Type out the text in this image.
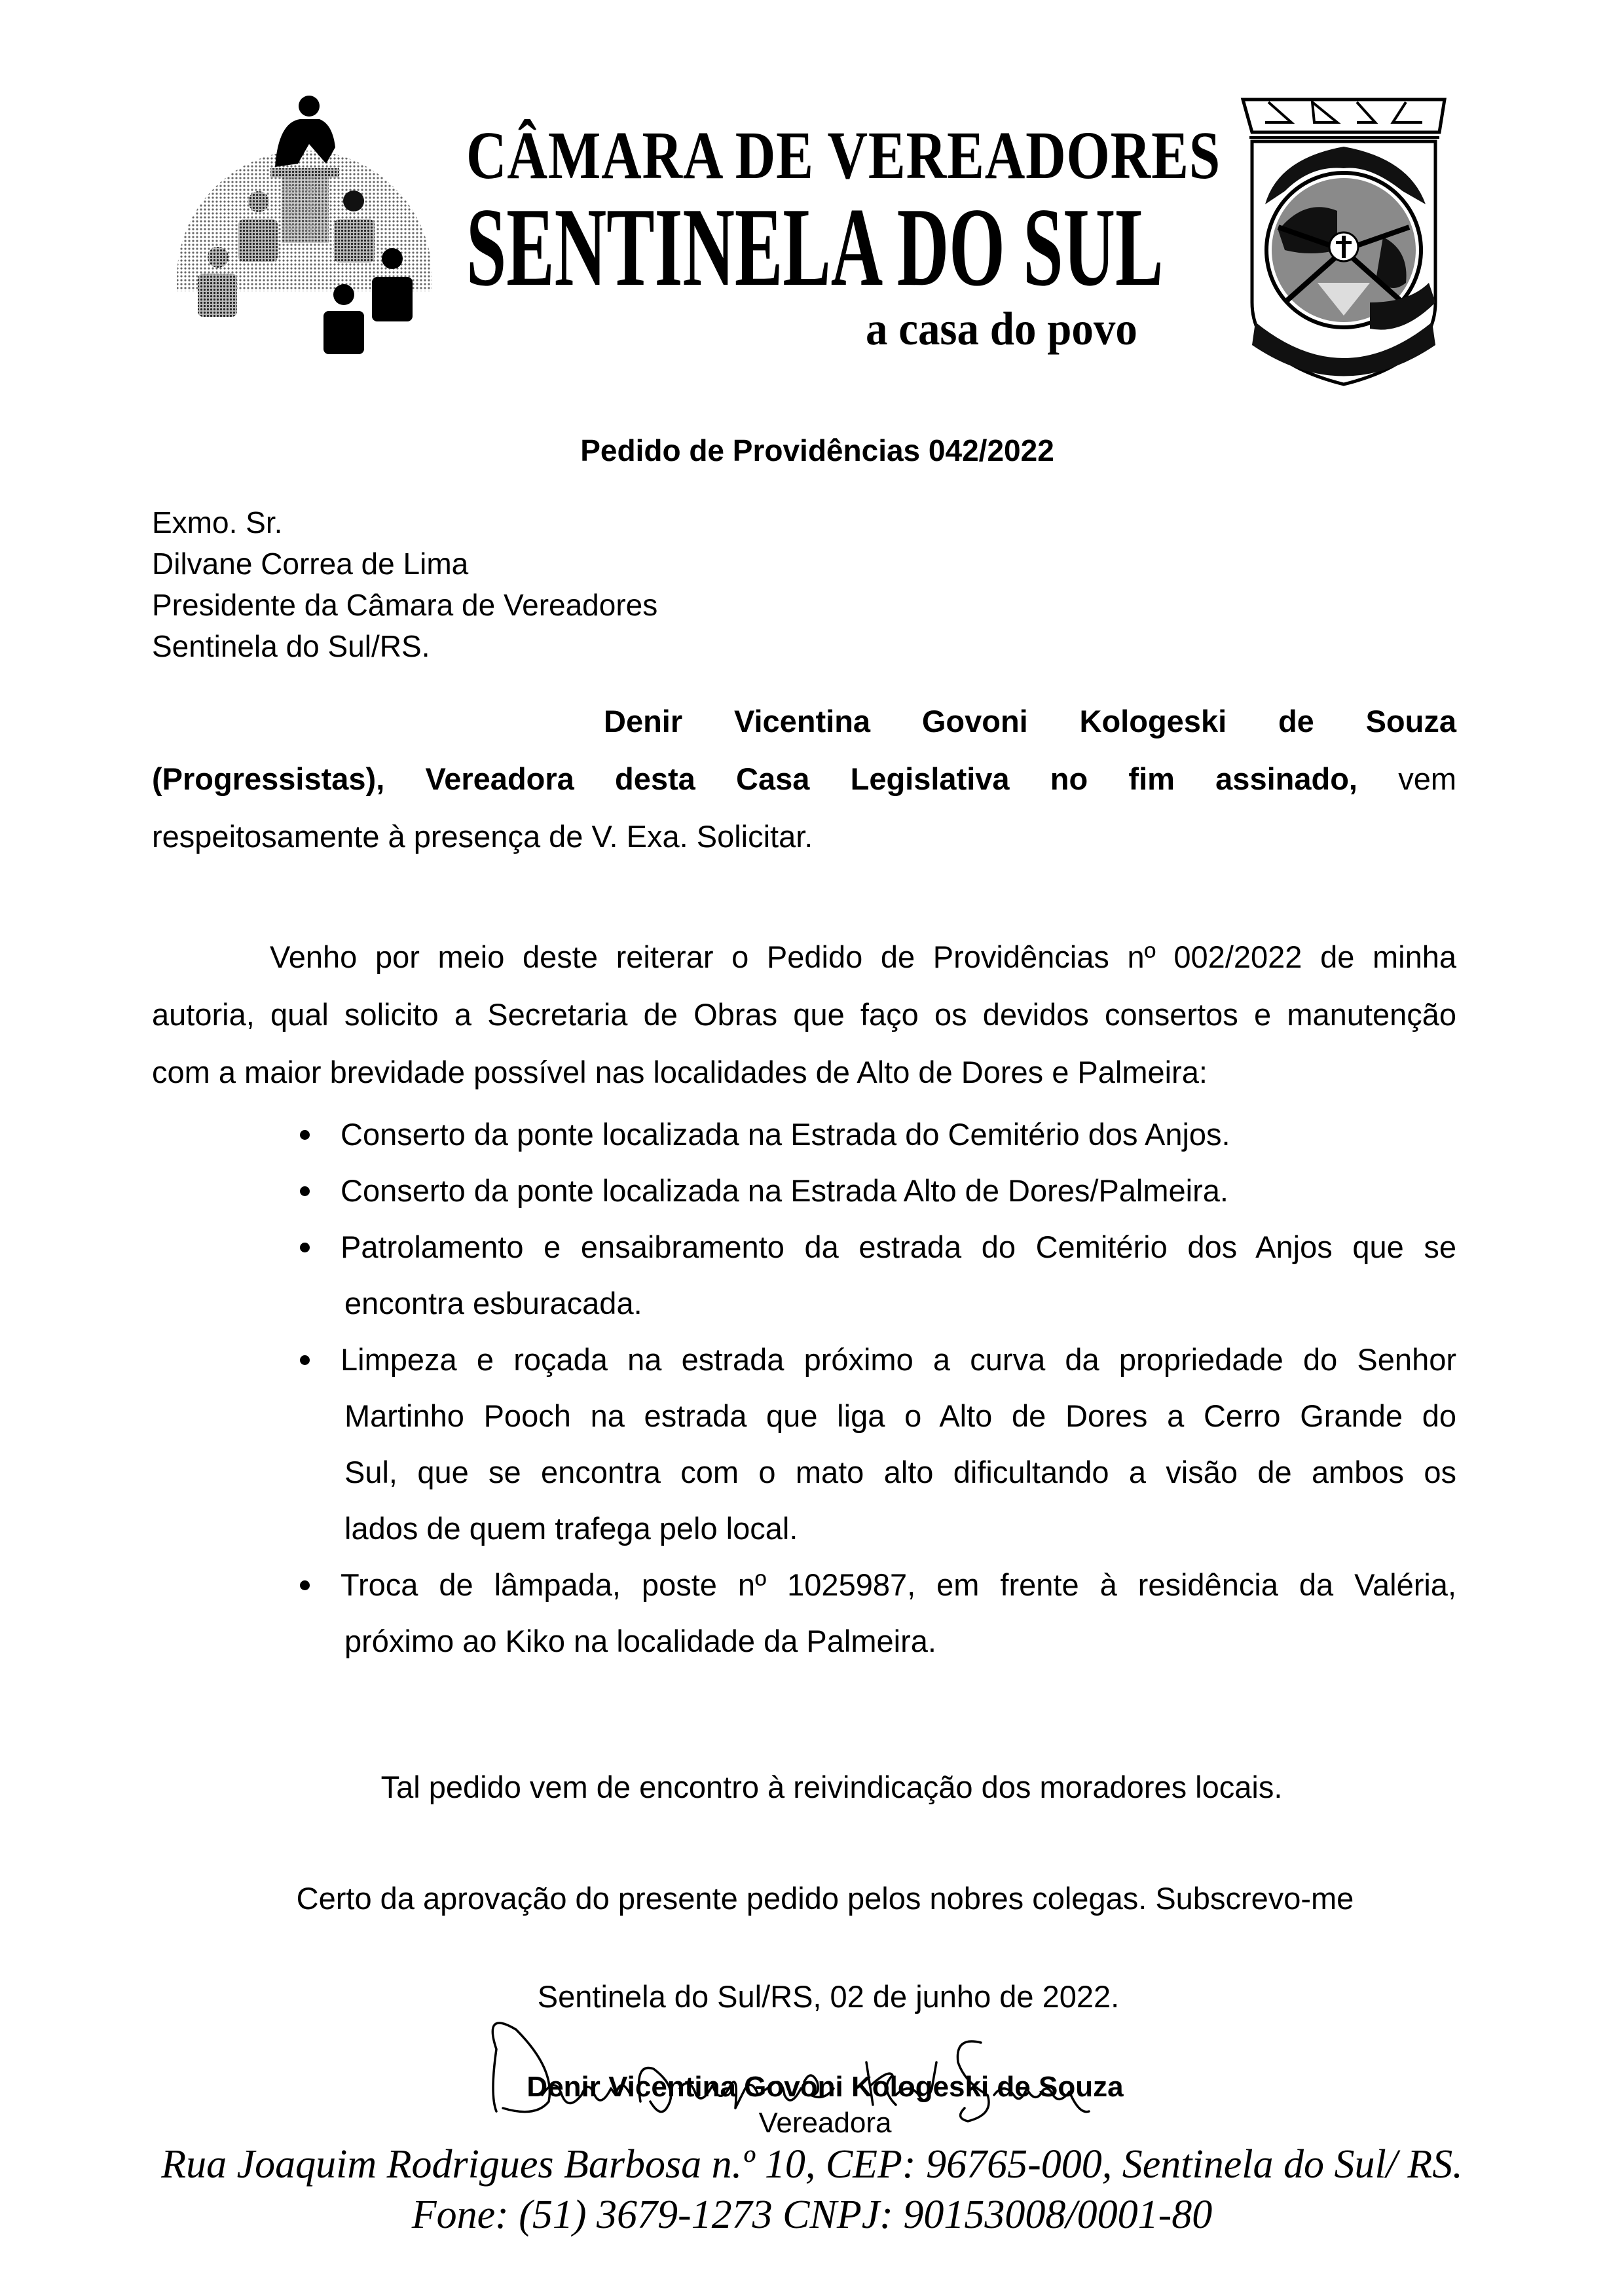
CÂMARA DE VEREADORES
SENTINELA DO SUL
a casa do povo
Pedido de Providências 042/2022
Exmo. Sr.
Dilvane Correa de Lima
Presidente da Câmara de Vereadores
Sentinela do Sul/RS.
Denir Vicentina Govoni Kologeski de Souza
(Progressistas), Vereadora desta Casa Legislativa no fim assinado, vem
respeitosamente à presença de V. Exa. Solicitar.
Venho por meio deste reiterar o Pedido de Providências nº 002/2022 de minha
autoria, qual solicito a Secretaria de Obras que faço os devidos consertos e manutenção
com a maior brevidade possível nas localidades de Alto de Dores e Palmeira:
Conserto da ponte localizada na Estrada do Cemitério dos Anjos.
Conserto da ponte localizada na Estrada Alto de Dores/Palmeira.
Patrolamento e ensaibramento da estrada do Cemitério dos Anjos que se
encontra esburacada.
Limpeza e roçada na estrada próximo a curva da propriedade do Senhor
Martinho Pooch na estrada que liga o Alto de Dores a Cerro Grande do
Sul, que se encontra com o mato alto dificultando a visão de ambos os
lados de quem trafega pelo local.
Troca de lâmpada, poste nº 1025987, em frente à residência da Valéria,
próximo ao Kiko na localidade da Palmeira.
Tal pedido vem de encontro à reivindicação dos moradores locais.
Certo da aprovação do presente pedido pelos nobres colegas. Subscrevo-me
Sentinela do Sul/RS, 02 de junho de 2022.
Denir Vicentina Govoni Kologeski de Souza
Vereadora
Rua Joaquim Rodrigues Barbosa n.º 10, CEP: 96765-000, Sentinela do Sul/ RS.
Fone: (51) 3679-1273 CNPJ: 90153008/0001-80
